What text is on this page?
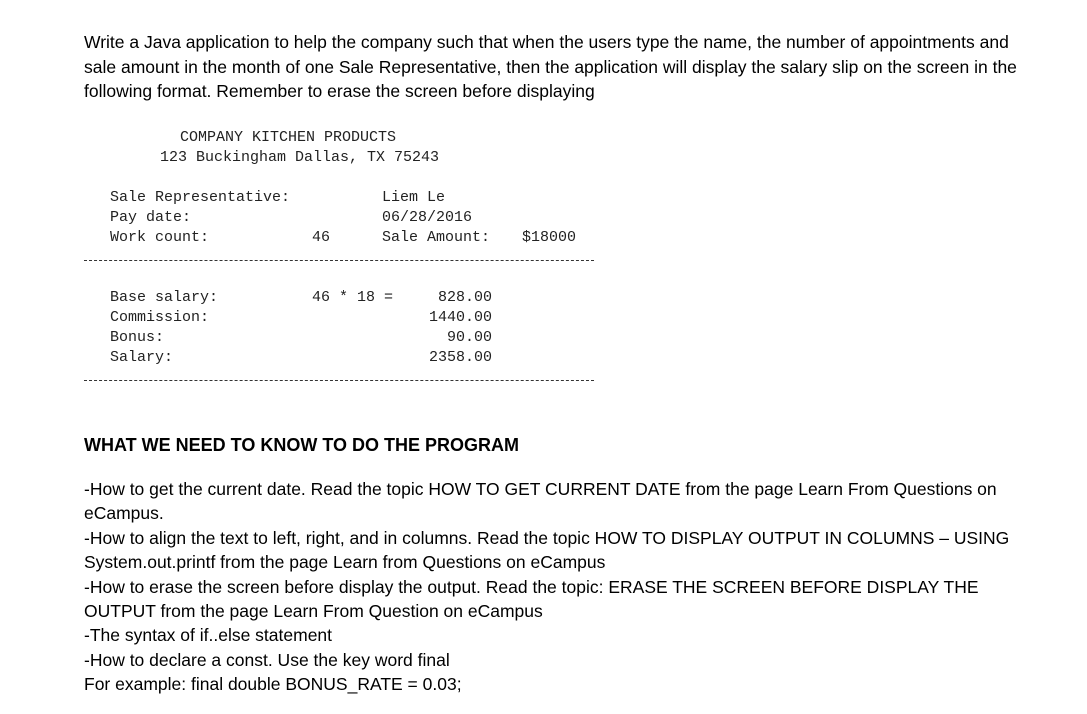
Write a Java application to help the company such that when the users type the name, the number of appointments and sale amount in the month of one Sale Representative, then the application will display the salary slip on the screen in the following format. Remember to erase the screen before displaying

COMPANY KITCHEN PRODUCTS
123 Buckingham Dallas, TX 75243
Sale Representative:	Liem Le
Pay date:	06/28/2016
Work count:	46	Sale Amount: $18000
Base salary:	46 * 18 =	828.00
Commission:	1440.00
Bonus:	90.00
Salary:	2358.00
WHAT WE NEED TO KNOW TO DO THE PROGRAM
-How to get the current date. Read the topic HOW TO GET CURRENT DATE from the page Learn From Questions on eCampus.
-How to align the text to left, right, and in columns. Read the topic HOW TO DISPLAY OUTPUT IN COLUMNS – USING System.out.printf from the page Learn from Questions on eCampus
-How to erase the screen before display the output. Read the topic: ERASE THE SCREEN BEFORE DISPLAY THE OUTPUT from the page Learn From Question on eCampus
-The syntax of if..else statement
-How to declare a const. Use the key word final
For example: final double BONUS_RATE = 0.03;
